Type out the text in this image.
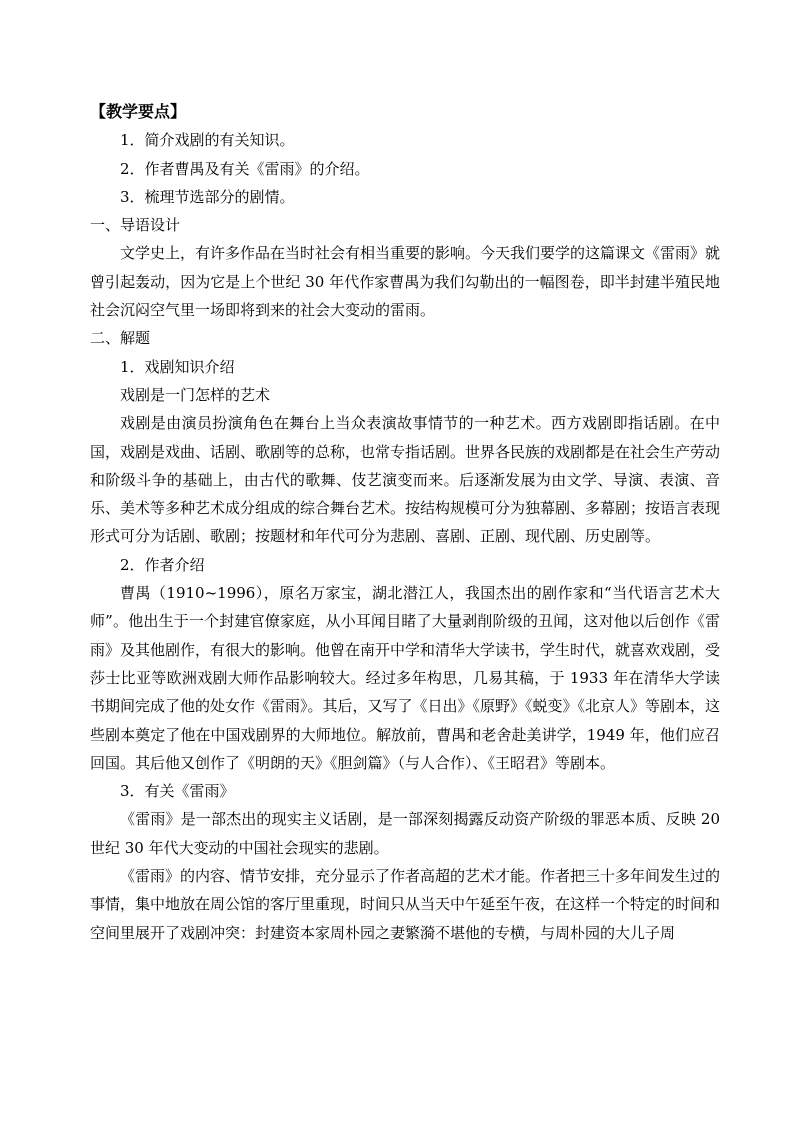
【教学要点】

1．简介戏剧的有关知识。

2．作者曹禺及有关《雷雨》的介绍。

3．梳理节选部分的剧情。

一、导语设计

文学史上，有许多作品在当时社会有相当重要的影响。今天我们要学的这篇课文《雷雨》就曾引起轰动，因为它是上个世纪 30 年代作家曹禺为我们勾勒出的一幅图卷，即半封建半殖民地社会沉闷空气里一场即将到来的社会大变动的雷雨。

二、解题

1．戏剧知识介绍

戏剧是一门怎样的艺术

戏剧是由演员扮演角色在舞台上当众表演故事情节的一种艺术。西方戏剧即指话剧。在中国，戏剧是戏曲、话剧、歌剧等的总称，也常专指话剧。世界各民族的戏剧都是在社会生产劳动和阶级斗争的基础上，由古代的歌舞、伎艺演变而来。后逐渐发展为由文学、导演、表演、音乐、美术等多种艺术成分组成的综合舞台艺术。按结构规模可分为独幕剧、多幕剧；按语言表现形式可分为话剧、歌剧；按题材和年代可分为悲剧、喜剧、正剧、现代剧、历史剧等。

2．作者介绍

曹禺（1910~1996），原名万家宝，湖北潜江人，我国杰出的剧作家和“当代语言艺术大师”。他出生于一个封建官僚家庭，从小耳闻目睹了大量剥削阶级的丑闻，这对他以后创作《雷雨》及其他剧作，有很大的影响。他曾在南开中学和清华大学读书，学生时代，就喜欢戏剧，受莎士比亚等欧洲戏剧大师作品影响较大。经过多年构思，几易其稿，于 1933 年在清华大学读书期间完成了他的处女作《雷雨》。其后，又写了《日出》《原野》《蜕变》《北京人》等剧本，这些剧本奠定了他在中国戏剧界的大师地位。解放前，曹禺和老舍赴美讲学，1949 年，他们应召回国。其后他又创作了《明朗的天》《胆剑篇》（与人合作）、《王昭君》等剧本。

3．有关《雷雨》

《雷雨》是一部杰出的现实主义话剧，是一部深刻揭露反动资产阶级的罪恶本质、反映 20 世纪 30 年代大变动的中国社会现实的悲剧。

《雷雨》的内容、情节安排，充分显示了作者高超的艺术才能。作者把三十多年间发生过的事情，集中地放在周公馆的客厅里重现，时间只从当天中午延至午夜，在这样一个特定的时间和空间里展开了戏剧冲突：封建资本家周朴园之妻繁漪不堪他的专横，与周朴园的大儿子周
